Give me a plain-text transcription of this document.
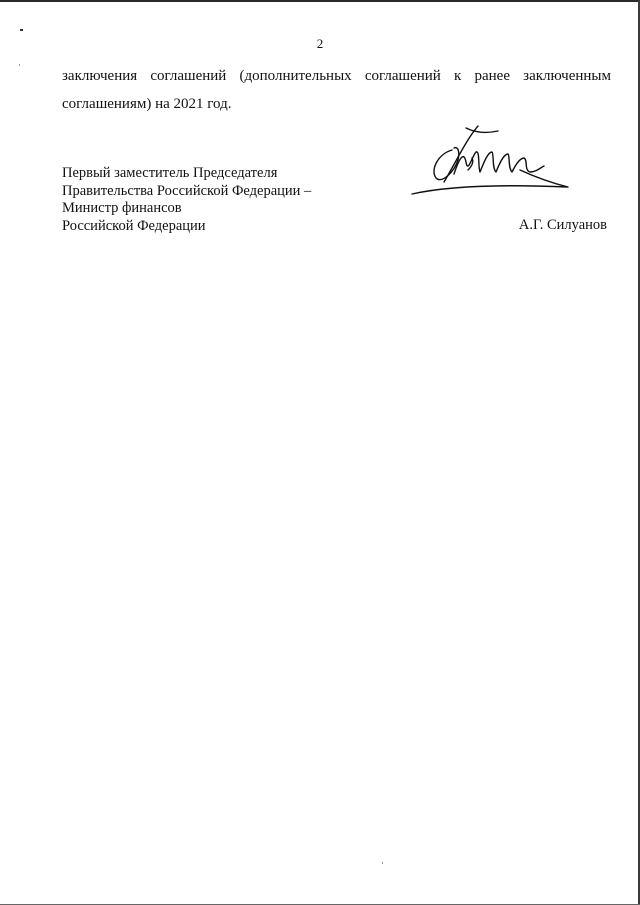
2
заключения соглашений (дополнительных соглашений к ранее заключенным
соглашениям) на 2021 год.
Первый заместитель Председателя
Правительства Российской Федерации –
Министр финансов
Российской Федерации	А.Г. Силуанов
